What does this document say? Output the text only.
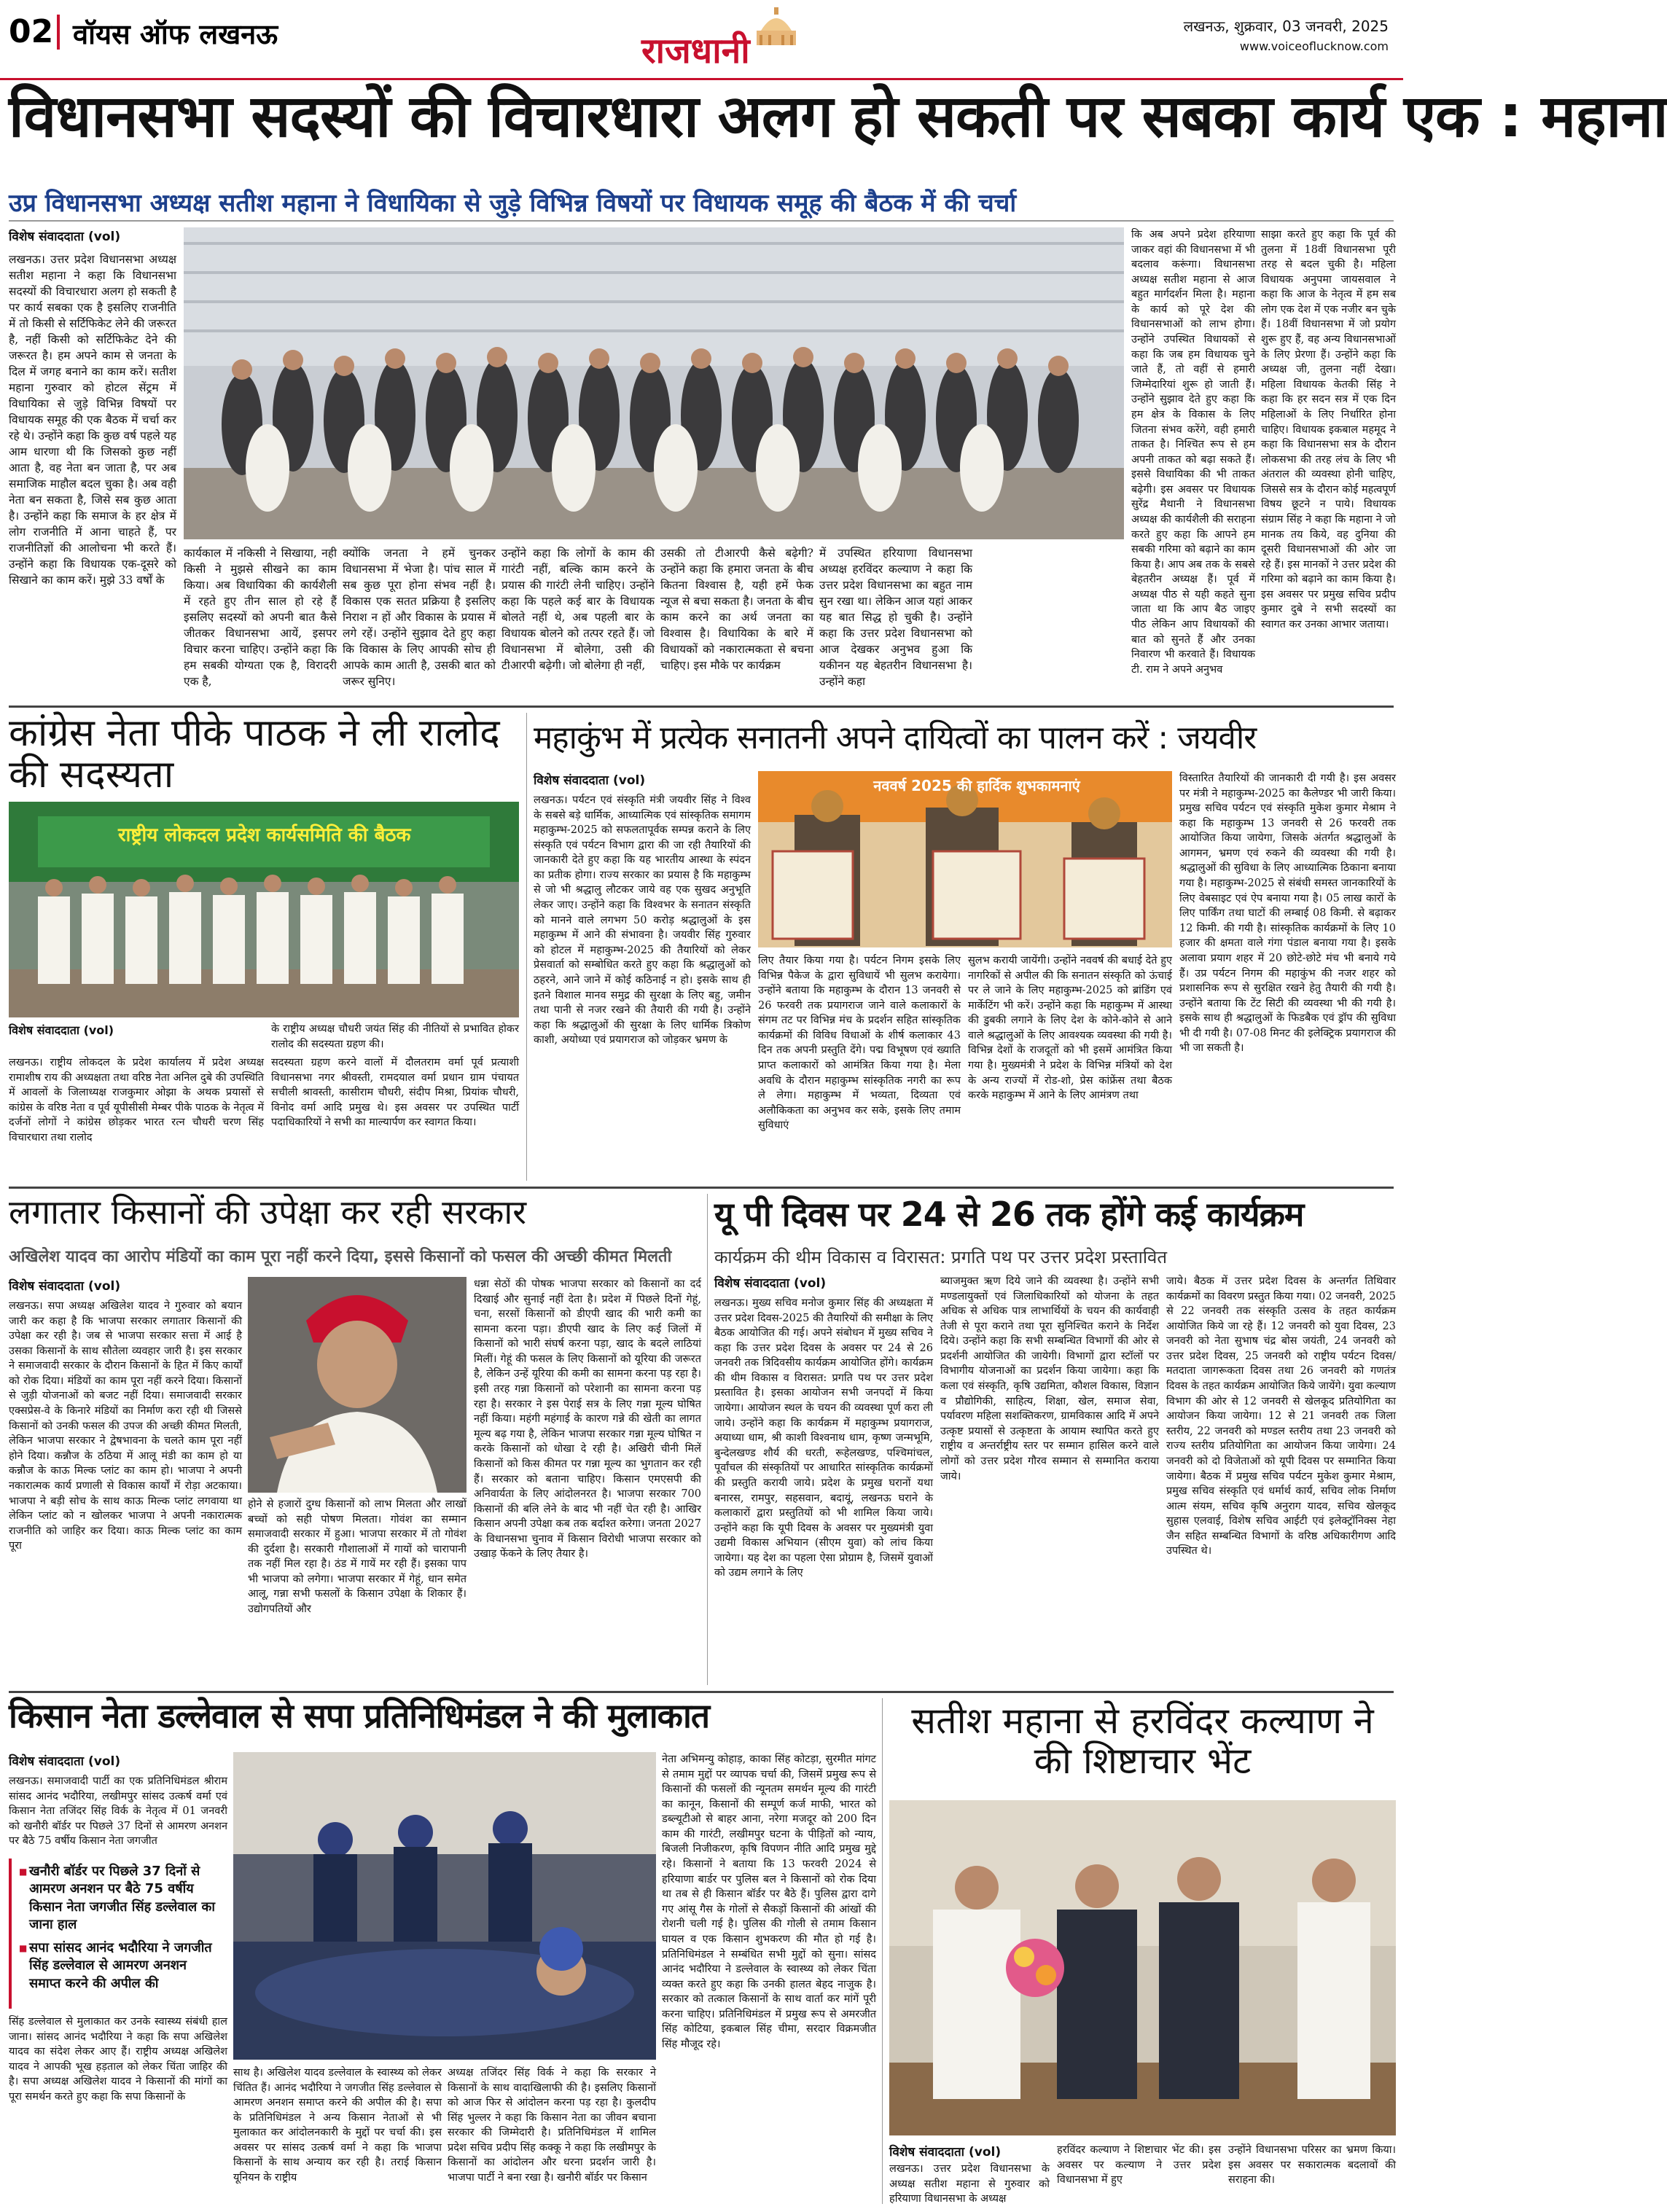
02 वॉयस ऑफ लखनऊ	राजधानी
लखनऊ, शुक्रवार, 03 जनवरी, 2025
www.voiceoflucknow.com
विधानसभा सदस्यों की विचारधारा अलग हो सकती पर सबका कार्य एक : महाना
उप्र विधानसभा अध्यक्ष सतीश महाना ने विधायिका से जुड़े विभिन्न विषयों पर विधायक समूह की बैठक में की चर्चा
विशेष संवाददाता (vol)
लखनऊ। उत्तर प्रदेश विधानसभा अध्यक्ष सतीश महाना ने कहा कि विधानसभा सदस्यों की विचारधारा अलग हो सकती है पर कार्य सबका एक है इसलिए राजनीति में तो किसी से सर्टिफिकेट लेने की जरूरत है, नहीं किसी को सर्टिफिकेट देने की जरूरत है। हम अपने काम से जनता के दिल में जगह बनाने का काम करें। सतीश महाना गुरुवार को होटल सेंट्रम में विधायिका से जुड़े विभिन्न विषयों पर विधायक समूह की एक बैठक में चर्चा कर रहे थे। उन्होंने कहा कि कुछ वर्ष पहले यह आम धारणा थी कि जिसको कुछ नहीं आता है, वह नेता बन जाता है, पर अब समाजिक माहौल बदल चुका है। अब वही नेता बन सकता है, जिसे सब कुछ आता है। उन्होंने कहा कि समाज के हर क्षेत्र में लोग राजनीति में आना चाहते हैं, पर राजनीतिज्ञों की आलोचना भी करते हैं। उन्होंने कहा कि विधायक एक-दूसरे को सिखाने का काम करें। मुझे 33 वर्षों के
कार्यकाल में नकिसी ने सिखाया, नही किसी ने मुझसे सीखने का काम किया। अब विधायिका की कार्यशैली में रहते हुए तीन साल हो रहे हैं इसलिए सदस्यों को अपनी बात कैसे जीतकर विधानसभा आयें, इसपर विचार करना चाहिए। उन्होंने कहा कि हम सबकी योग्यता एक है, विरादरी एक है,
क्योंकि जनता ने हमें चुनकर विधानसभा में भेजा है। पांच साल में सब कुछ पूरा होना संभव नहीं है। विकास एक सतत प्रक्रिया है इसलिए निराश न हों और विकास के प्रयास में लगे रहें। उन्होंने सुझाव देते हुए कहा कि विकास के लिए आपकी सोच ही आपके काम आती है, उसकी बात को जरूर सुनिए।
उन्होंने कहा कि लोगों के काम की गारंटी नहीं, बल्कि काम करने के प्रयास की गारंटी लेनी चाहिए। उन्होंने कहा कि पहले कई बार के विधायक बोलते नहीं थे, अब पहली बार के विधायक बोलने को तत्पर रहते हैं। जो विधानसभा में बोलेगा, उसी की टीआरपी बढ़ेगी। जो बोलेगा ही नहीं,
उसकी तो टीआरपी कैसे बढ़ेगी? उन्होंने कहा कि हमारा जनता के बीच कितना विश्वास है, यही हमें फेक न्यूज से बचा सकता है। जनता के बीच काम करने का अर्थ जनता का विश्वास है। विधायिका के बारे में विधायकों को नकारात्मकता से बचना चाहिए। इस मौके पर कार्यक्रम
में उपस्थित हरियाणा विधानसभा अध्यक्ष हरविंदर कल्याण ने कहा कि उत्तर प्रदेश विधानसभा का बहुत नाम सुन रखा था। लेकिन आज यहां आकर यह बात सिद्ध हो चुकी है। उन्होंने कहा कि उत्तर प्रदेश विधानसभा को आज देखकर अनुभव हुआ कि यकीनन यह बेहतरीन विधानसभा है। उन्होंने कहा
कि अब अपने प्रदेश हरियाणा जाकर वहां की विधानसभा में भी बदलाव करूंगा। विधानसभा अध्यक्ष सतीश महाना से आज बहुत मार्गदर्शन मिला है। महाना के कार्य को पूरे देश की विधानसभाओं को लाभ होगा। उन्होंने उपस्थित विधायकों से कहा कि जब हम विधायक चुने जाते हैं, तो वहीं से हमारी जिम्मेदारियां शुरू हो जाती हैं। उन्होंने सुझाव देते हुए कहा कि हम क्षेत्र के विकास के लिए जितना संभव करेंगे, वही हमारी ताकत है। निश्चित रूप से हम अपनी ताकत को बढ़ा सकते हैं। इससे विधायिका की भी ताकत बढ़ेगी। इस अवसर पर विधायक सुरेंद्र मैथानी ने विधानसभा अध्यक्ष की कार्यशैली की सराहना करते हुए कहा कि आपने हम सबकी गरिमा को बढ़ाने का काम किया है। आप अब तक के सबसे बेहतरीन अध्यक्ष हैं। पूर्व में अध्यक्ष पीठ से यही कहते सुना जाता था कि आप बैठ जाइए पीठ लेकिन आप विधायकों की बात को सुनते हैं और उनका निवारण भी करवाते हैं। विधायक टी. राम ने अपने अनुभव
साझा करते हुए कहा कि पूर्व की तुलना में 18वीं विधानसभा पूरी तरह से बदल चुकी है। महिला विधायक अनुपमा जायसवाल ने कहा कि आज के नेतृत्व में हम सब लोग एक देश में एक नजीर बन चुके हैं। 18वीं विधानसभा में जो प्रयोग शुरू हुए हैं, वह अन्य विधानसभाओं के लिए प्रेरणा हैं। उन्होंने कहा कि अध्यक्ष जी, तुलना नहीं देखा। महिला विधायक केतकी सिंह ने कहा कि हर सदन सत्र में एक दिन महिलाओं के लिए निर्धारित होना चाहिए। विधायक इकबाल महमूद ने कहा कि विधानसभा सत्र के दौरान लोकसभा की तरह लंच के लिए भी अंतराल की व्यवस्था होनी चाहिए, जिससे सत्र के दौरान कोई महत्वपूर्ण विषय छूटने न पाये। विधायक संग्राम सिंह ने कहा कि महाना ने जो मानक तय किये, वह दुनिया की दूसरी विधानसभाओं की ओर जा रहे हैं। इस मानकों ने उत्तर प्रदेश की गरिमा को बढ़ाने का काम किया है। इस अवसर पर प्रमुख सचिव प्रदीप कुमार दुबे ने सभी सदस्यों का स्वागत कर उनका आभार जताया।
कांग्रेस नेता पीके पाठक ने ली रालोद की सदस्यता
राष्ट्रीय लोकदल प्रदेश कार्यसमिति की बैठक
विशेष संवाददाता (vol)	के राष्ट्रीय अध्यक्ष चौधरी जयंत सिंह की नीतियों से प्रभावित होकर रालोद की सदस्यता ग्रहण की।
लखनऊ। राष्ट्रीय लोकदल के प्रदेश कार्यालय में प्रदेश अध्यक्ष रामाशीष राय की अध्यक्षता तथा वरिष्ठ नेता अनिल दुबे की उपस्थिति में आवलों के जिलाध्यक्ष राजकुमार ओझा के अथक प्रयासों से कांग्रेस के वरिष्ठ नेता व पूर्व यूपीसीसी मेम्बर पीके पाठक के नेतृत्व में दर्जनों लोगों ने कांग्रेस छोड़कर भारत रत्न चौधरी चरण सिंह विचारधारा तथा रालोद
सदस्यता ग्रहण करने वालों में दौलतराम वर्मा पूर्व प्रत्याशी विधानसभा नगर श्रीवस्ती, रामदयाल वर्मा प्रधान ग्राम पंचायत सचीली श्रावस्ती, कासीराम चौधरी, संदीप मिश्रा, प्रियांक चौधरी, विनोद वर्मा आदि प्रमुख थे। इस अवसर पर उपस्थित पार्टी पदाधिकारियों ने सभी का माल्यार्पण कर स्वागत किया।
महाकुंभ में प्रत्येक सनातनी अपने दायित्वों का पालन करें : जयवीर
विशेष संवाददाता (vol)
लखनऊ। पर्यटन एवं संस्कृति मंत्री जयवीर सिंह ने विश्व के सबसे बड़े धार्मिक, आध्यात्मिक एवं सांस्कृतिक समागम महाकुम्भ-2025 को सफलतापूर्वक सम्पन्न कराने के लिए संस्कृति एवं पर्यटन विभाग द्वारा की जा रही तैयारियों की जानकारी देते हुए कहा कि यह भारतीय आस्था के स्पंदन का प्रतीक होगा। राज्य सरकार का प्रयास है कि महाकुम्भ से जो भी श्रद्धालु लौटकर जाये वह एक सुखद अनुभूति लेकर जाए। उन्होंने कहा कि विश्वभर के सनातन संस्कृति को मानने वाले लगभग 50 करोड़ श्रद्धालुओं के इस महाकुम्भ में आने की संभावना है। जयवीर सिंह गुरुवार को होटल में महाकुम्भ-2025 की तैयारियों को लेकर प्रेसवार्ता को सम्बोधित करते हुए कहा कि श्रद्धालुओं को ठहरने, आने जाने में कोई कठिनाई न हो। इसके साथ ही इतने विशाल मानव समुद्र की सुरक्षा के लिए बहु, जमीन तथा पानी से नजर रखने की तैयारी की गयी है। उन्होंने कहा कि श्रद्धालुओं की सुरक्षा के लिए धार्मिक त्रिकोण काशी, अयोध्या एवं प्रयागराज को जोड़कर भ्रमण के
नववर्ष 2025 की हार्दिक शुभकामनाएं
लिए तैयार किया गया है। पर्यटन निगम इसके लिए विभिन्न पैकेज के द्वारा सुविधायें भी सुलभ करायेगा। उन्होंने बताया कि महाकुम्भ के दौरान 13 जनवरी से 26 फरवरी तक प्रयागराज जाने वाले कलाकारों के संगम तट पर विभिन्न मंच के प्रदर्शन सहित सांस्कृतिक कार्यक्रमों की विविध विधाओं के शीर्ष कलाकार 43 दिन तक अपनी प्रस्तुति देंगे। पद्म विभूषण एवं ख्याति प्राप्त कलाकारों को आमंत्रित किया गया है। मेला अवधि के दौरान महाकुम्भ सांस्कृतिक नगरी का रूप ले लेगा। महाकुम्भ में भव्यता, दिव्यता एवं अलौकिकता का अनुभव कर सके, इसके लिए तमाम सुविधाएं
सुलभ करायी जायेंगी। उन्होंने नववर्ष की बधाई देते हुए नागरिकों से अपील की कि सनातन संस्कृति को ऊंचाई पर ले जाने के लिए महाकुम्भ-2025 को ब्रांडिंग एवं मार्केटिंग भी करें। उन्होंने कहा कि महाकुम्भ में आस्था की डुबकी लगाने के लिए देश के कोने-कोने से आने वाले श्रद्धालुओं के लिए आवश्यक व्यवस्था की गयी है। विभिन्न देशों के राजदूतों को भी इसमें आमंत्रित किया गया है। मुख्यमंत्री ने प्रदेश के विभिन्न मंत्रियों को देश के अन्य राज्यों में रोड-शो, प्रेस कांफ्रेंस तथा बैठक करके महाकुम्भ में आने के लिए आमंत्रण तथा
विस्तारित तैयारियों की जानकारी दी गयी है। इस अवसर पर मंत्री ने महाकुम्भ-2025 का कैलेण्डर भी जारी किया। प्रमुख सचिव पर्यटन एवं संस्कृति मुकेश कुमार मेश्राम ने कहा कि महाकुम्भ 13 जनवरी से 26 फरवरी तक आयोजित किया जायेगा, जिसके अंतर्गत श्रद्धालुओं के आगमन, भ्रमण एवं रुकने की व्यवस्था की गयी है। श्रद्धालुओं की सुविधा के लिए आध्यात्मिक ठिकाना बनाया गया है। महाकुम्भ-2025 से संबंधी समस्त जानकारियों के लिए वेबसाइट एवं ऐप बनाया गया है। 05 लाख कारों के लिए पार्किंग तथा घाटों की लम्बाई 08 किमी. से बढ़ाकर 12 किमी. की गयी है। सांस्कृतिक कार्यक्रमों के लिए 10 हजार की क्षमता वाले गंगा पंडाल बनाया गया है। इसके अलावा प्रयाग शहर में 20 छोटे-छोटे मंच भी बनाये गये हैं। उप्र पर्यटन निगम की महाकुंभ की नजर शहर को प्रशासनिक रूप से सुरक्षित रखने हेतु तैयारी की गयी है। उन्होंने बताया कि टेंट सिटी की व्यवस्था भी की गयी है। इसके साथ ही श्रद्धालुओं के फिडबैक एवं ड्रॉप की सुविधा भी दी गयी है। 07-08 मिनट की इलेक्ट्रिक प्रयागराज की भी जा सकती है।
लगातार किसानों की उपेक्षा कर रही सरकार
अखिलेश यादव का आरोप मंडियों का काम पूरा नहीं करने दिया, इससे किसानों को फसल की अच्छी कीमत मिलती
विशेष संवाददाता (vol)
लखनऊ। सपा अध्यक्ष अखिलेश यादव ने गुरुवार को बयान जारी कर कहा है कि भाजपा सरकार लगातार किसानों की उपेक्षा कर रही है। जब से भाजपा सरकार सत्ता में आई है उसका किसानों के साथ सौतेला व्यवहार जारी है। इस सरकार ने समाजवादी सरकार के दौरान किसानों के हित में किए कार्यों को रोक दिया। मंडियों का काम पूरा नहीं करने दिया। किसानों से जुड़ी योजनाओं को बजट नहीं दिया। समाजवादी सरकार एक्सप्रेस-वे के किनारे मंडियों का निर्माण करा रही थी जिससे किसानों को उनकी फसल की उपज की अच्छी कीमत मिलती, लेकिन भाजपा सरकार ने द्वेषभावना के चलते काम पूरा नहीं होने दिया। कन्नौज के ठठिया में आलू मंडी का काम हो या कन्नौज के काऊ मिल्क प्लांट का काम हो। भाजपा ने अपनी नकारात्मक कार्य प्रणाली से विकास कार्यों में रोड़ा अटकाया। भाजपा ने बड़ी सोच के साथ काऊ मिल्क प्लांट लगवाया था लेकिन प्लांट को न खोलकर भाजपा ने अपनी नकारात्मक राजनीति को जाहिर कर दिया। काऊ मिल्क प्लांट का काम पूरा
होने से हजारों दुग्ध किसानों को लाभ मिलता और लाखों बच्चों को सही पोषण मिलता। गोवंश का सम्मान समाजवादी सरकार में हुआ। भाजपा सरकार में तो गोवंश की दुर्दशा है। सरकारी गौशालाओं में गायों को चारापानी तक नहीं मिल रहा है। ठंड में गायें मर रही हैं। इसका पाप भी भाजपा को लगेगा। भाजपा सरकार में गेहूं, धान समेत आलू, गन्ना सभी फसलों के किसान उपेक्षा के शिकार हैं। उद्योगपतियों और
धन्ना सेठों की पोषक भाजपा सरकार को किसानों का दर्द दिखाई और सुनाई नहीं देता है। प्रदेश में पिछले दिनों गेहूं, चना, सरसों किसानों को डीएपी खाद की भारी कमी का सामना करना पड़ा। डीएपी खाद के लिए कई जिलों में किसानों को भारी संघर्ष करना पड़ा, खाद के बदले लाठियां मिलीं। गेहूं की फसल के लिए किसानों को यूरिया की जरूरत है, लेकिन उन्हें यूरिया की कमी का सामना करना पड़ रहा है। इसी तरह गन्ना किसानों को परेशानी का सामना करना पड़ रहा है। सरकार ने इस पेराई सत्र के लिए गन्ना मूल्य घोषित नहीं किया। महंगी महंगाई के कारण गन्ने की खेती का लागत मूल्य बढ़ गया है, लेकिन भाजपा सरकार गन्ना मूल्य घोषित न करके किसानों को धोखा दे रही है। अखिरी चीनी मिलें किसानों को किस कीमत पर गन्ना मूल्य का भुगतान कर रही हैं। सरकार को बताना चाहिए। किसान एमएसपी की अनिवार्यता के लिए आंदोलनरत है। भाजपा सरकार 700 किसानों की बलि लेने के बाद भी नहीं चेत रही है। आखिर किसान अपनी उपेक्षा कब तक बर्दाश्त करेगा। जनता 2027 के विधानसभा चुनाव में किसान विरोधी भाजपा सरकार को उखाड़ फेंकने के लिए तैयार है।
यू पी दिवस पर 24 से 26 तक होंगे कई कार्यक्रम
कार्यक्रम की थीम विकास व विरासत: प्रगति पथ पर उत्तर प्रदेश प्रस्तावित
विशेष संवाददाता (vol)
लखनऊ। मुख्य सचिव मनोज कुमार सिंह की अध्यक्षता में उत्तर प्रदेश दिवस-2025 की तैयारियों की समीक्षा के लिए बैठक आयोजित की गई। अपने संबोधन में मुख्य सचिव ने कहा कि उत्तर प्रदेश दिवस के अवसर पर 24 से 26 जनवरी तक त्रिदिवसीय कार्यक्रम आयोजित होंगे। कार्यक्रम की थीम विकास व विरासत: प्रगति पथ पर उत्तर प्रदेश प्रस्तावित है। इसका आयोजन सभी जनपदों में किया जायेगा। आयोजन स्थल के चयन की व्यवस्था पूर्ण करा ली जाये। उन्होंने कहा कि कार्यक्रम में महाकुम्भ प्रयागराज, अयाध्या धाम, श्री काशी विश्वनाथ धाम, कृष्ण जन्मभूमि, बुन्देलखण्ड शौर्य की धरती, रूहेलखण्ड, पश्चिमांचल, पूर्वांचल की संस्कृतियों पर आधारित सांस्कृतिक कार्यक्रमों की प्रस्तुति करायी जाये। प्रदेश के प्रमुख घरानों यथा बनारस, रामपुर, सहसवान, बदायूं, लखनऊ घराने के कलाकारों द्वारा प्रस्तुतियों को भी शामिल किया जाये। उन्होंने कहा कि यूपी दिवस के अवसर पर मुख्यमंत्री युवा उद्यमी विकास अभियान (सीएम युवा) को लांच किया जायेगा। यह देश का पहला ऐसा प्रोग्राम है, जिसमें युवाओं को उद्यम लगाने के लिए
ब्याजमुक्त ऋण दिये जाने की व्यवस्था है। उन्होंने सभी मण्डलायुक्तों एवं जिलाधिकारियों को योजना के तहत अधिक से अधिक पात्र लाभार्थियों के चयन की कार्यवाही तेजी से पूरा कराने तथा पूरा सुनिश्चित कराने के निर्देश दिये। उन्होंने कहा कि सभी सम्बन्धित विभागों की ओर से प्रदर्शनी आयोजित की जायेगी। विभागों द्वारा स्टॉलों पर विभागीय योजनाओं का प्रदर्शन किया जायेगा। कहा कि कला एवं संस्कृति, कृषि उद्यमिता, कौशल विकास, विज्ञान व प्रौद्योगिकी, साहित्य, शिक्षा, खेल, समाज सेवा, पर्यावरण महिला सशक्तिकरण, ग्रामविकास आदि में अपने उत्कृष्ट प्रयासों से उत्कृष्टता के आयाम स्थापित करते हुए राष्ट्रीय व अन्तर्राष्ट्रीय स्तर पर सम्मान हासिल करने वाले लोगों को उत्तर प्रदेश गौरव सम्मान से सम्मानित कराया जाये।
जाये। बैठक में उत्तर प्रदेश दिवस के अन्तर्गत तिथिवार कार्यक्रमों का विवरण प्रस्तुत किया गया। 02 जनवरी, 2025 से 22 जनवरी तक संस्कृति उत्सव के तहत कार्यक्रम आयोजित किये जा रहे हैं। 12 जनवरी को युवा दिवस, 23 जनवरी को नेता सुभाष चंद्र बोस जयंती, 24 जनवरी को उत्तर प्रदेश दिवस, 25 जनवरी को राष्ट्रीय पर्यटन दिवस/मतदाता जागरूकता दिवस तथा 26 जनवरी को गणतंत्र दिवस के तहत कार्यक्रम आयोजित किये जायेंगे। युवा कल्याण विभाग की ओर से 12 जनवरी से खेलकूद प्रतियोगिता का आयोजन किया जायेगा। 12 से 21 जनवरी तक जिला स्तरीय, 22 जनवरी को मण्डल स्तरीय तथा 23 जनवरी को राज्य स्तरीय प्रतियोगिता का आयोजन किया जायेगा। 24 जनवरी को दो विजेताओं को यूपी दिवस पर सम्मानित किया जायेगा। बैठक में प्रमुख सचिव पर्यटन मुकेश कुमार मेश्राम, प्रमुख सचिव संस्कृति एवं धर्मार्थ कार्य, सचिव लोक निर्माण आत्म संयम, सचिव कृषि अनुराग यादव, सचिव खेलकूद सुहास एलवाई, विशेष सचिव आईटी एवं इलेक्ट्रॉनिक्स नेहा जैन सहित सम्बन्धित विभागों के वरिष्ठ अधिकारीगण आदि उपस्थित थे।
किसान नेता डल्लेवाल से सपा प्रतिनिधिमंडल ने की मुलाकात
विशेष संवाददाता (vol)
लखनऊ। समाजवादी पार्टी का एक प्रतिनिधिमंडल श्रीराम सांसद आनंद भदौरिया, लखीमपुर सांसद उत्कर्ष वर्मा एवं किसान नेता तजिंदर सिंह विर्क के नेतृत्व में 01 जनवरी को खनौरी बॉर्डर पर पिछले 37 दिनों से आमरण अनशन पर बैठे 75 वर्षीय किसान नेता जगजीत
■ खनौरी बॉर्डर पर पिछले 37 दिनों से आमरण अनशन पर बैठे 75 वर्षीय किसान नेता जगजीत सिंह डल्लेवाल का जाना हाल
■ सपा सांसद आनंद भदौरिया ने जगजीत सिंह डल्लेवाल से आमरण अनशन समाप्त करने की अपील की
सिंह डल्लेवाल से मुलाकात कर उनके स्वास्थ्य संबंधी हाल जाना। सांसद आनंद भदौरिया ने कहा कि सपा अखिलेश यादव का संदेश लेकर आए हैं। राष्ट्रीय अध्यक्ष अखिलेश यादव ने आपकी भूख हड़ताल को लेकर चिंता जाहिर की है। सपा अध्यक्ष अखिलेश यादव ने किसानों की मांगों का पूरा समर्थन करते हुए कहा कि सपा किसानों के
साथ है। अखिलेश यादव डल्लेवाल के स्वास्थ्य को लेकर चिंतित हैं। आनंद भदौरिया ने जगजीत सिंह डल्लेवाल से आमरण अनशन समाप्त करने की अपील की है। सपा के प्रतिनिधिमंडल ने अन्य किसान नेताओं से भी मुलाकात कर आंदोलनकारी के मुद्दों पर चर्चा की। इस अवसर पर सांसद उत्कर्ष वर्मा ने कहा कि भाजपा किसानों के साथ अन्याय कर रही है। तराई किसान यूनियन के राष्ट्रीय
अध्यक्ष तजिंदर सिंह विर्क ने कहा कि सरकार ने किसानों के साथ वादाखिलाफी की है। इसलिए किसानों को आज फिर से आंदोलन करना पड़ रहा है। कुलदीप सिंह भुल्लर ने कहा कि किसान नेता का जीवन बचाना सरकार की जिम्मेदारी है। प्रतिनिधिमंडल में शामिल प्रदेश सचिव प्रदीप सिंह कक्कू ने कहा कि लखीमपुर के किसानों का आंदोलन और धरना प्रदर्शन जारी है। भाजपा पार्टी ने बना रखा है। खनौरी बॉर्डर पर किसान
नेता अभिमन्यु कोहाड़, काका सिंह कोटड़ा, सुरमीत मांगट से तमाम मुद्दों पर व्यापक चर्चा की, जिसमें प्रमुख रूप से किसानों की फसलों की न्यूनतम समर्थन मूल्य की गारंटी का कानून, किसानों की सम्पूर्ण कर्ज माफी, भारत को डब्ल्यूटीओ से बाहर आना, नरेगा मजदूर को 200 दिन काम की गारंटी, लखीमपुर घटना के पीड़ितों को न्याय, बिजली निजीकरण, कृषि विपणन नीति आदि प्रमुख मुद्दे रहे। किसानों ने बताया कि 13 फरवरी 2024 से हरियाणा बार्डर पर पुलिस बल ने किसानों को रोक दिया था तब से ही किसान बॉर्डर पर बैठे हैं। पुलिस द्वारा दागे गए आंसू गैस के गोलों से सैकड़ों किसानों की आंखों की रोशनी चली गई है। पुलिस की गोली से तमाम किसान घायल व एक किसान शुभकरण की मौत हो गई है। प्रतिनिधिमंडल ने सम्बंधित सभी मुद्दों को सुना। सांसद आनंद भदौरिया ने डल्लेवाल के स्वास्थ्य को लेकर चिंता व्यक्त करते हुए कहा कि उनकी हालत बेहद नाजुक है। सरकार को तत्काल किसानों के साथ वार्ता कर मांगें पूरी करना चाहिए। प्रतिनिधिमंडल में प्रमुख रूप से अमरजीत सिंह कोटिया, इकबाल सिंह चीमा, सरदार विक्रमजीत सिंह मौजूद रहे।
सतीश महाना से हरविंदर कल्याण ने की शिष्टाचार भेंट
विशेष संवाददाता (vol)
लखनऊ। उत्तर प्रदेश विधानसभा के अध्यक्ष सतीश महाना से गुरुवार को हरियाणा विधानसभा के अध्यक्ष
हरविंदर कल्याण ने शिष्टाचार भेंट की। इस अवसर पर कल्याण ने उत्तर प्रदेश विधानसभा में हुए
उन्होंने विधानसभा परिसर का भ्रमण किया। इस अवसर पर सकारात्मक बदलावों की सराहना की।
